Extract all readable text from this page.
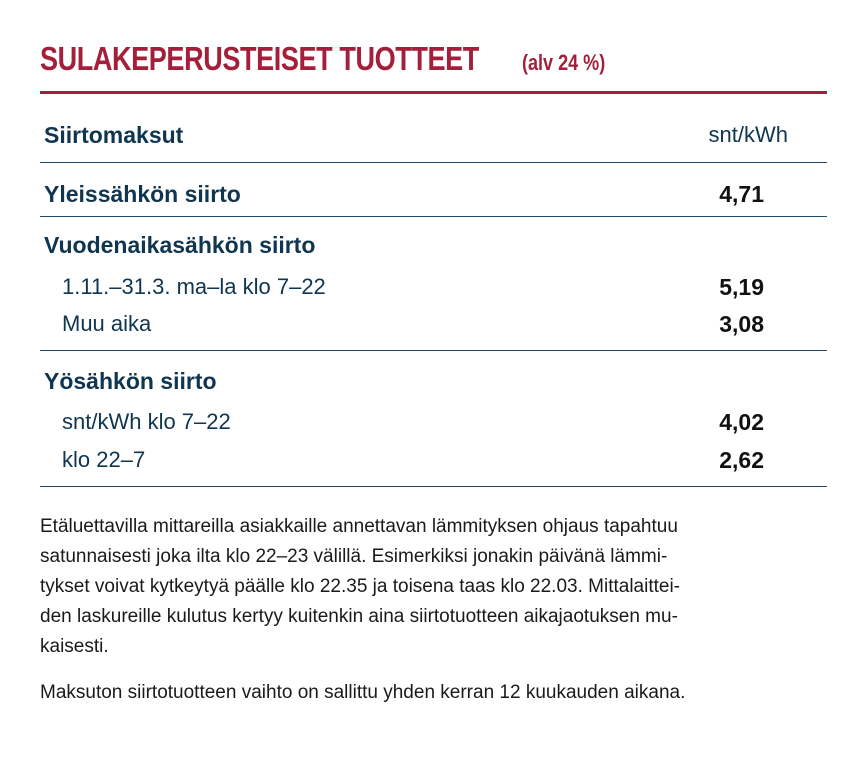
SULAKEPERUSTEISET TUOTTEET (alv 24 %)
Siirtomaksut	snt/kWh
Yleissähkön siirto	4,71
Vuodenaikasähkön siirto
1.11.–31.3. ma–la klo 7–22	5,19
Muu aika	3,08
Yösähkön siirto
snt/kWh klo 7–22	4,02
klo 22–7	2,62
Etäluettavilla mittareilla asiakkaille annettavan lämmityksen ohjaus tapahtuu
satunnaisesti joka ilta klo 22–23 välillä. Esimerkiksi jonakin päivänä lämmi-
tykset voivat kytkeytyä päälle klo 22.35 ja toisena taas klo 22.03. Mittalaittei-
den laskureille kulutus kertyy kuitenkin aina siirtotuotteen aikajaotuksen mu-
kaisesti.
Maksuton siirtotuotteen vaihto on sallittu yhden kerran 12 kuukauden aikana.
